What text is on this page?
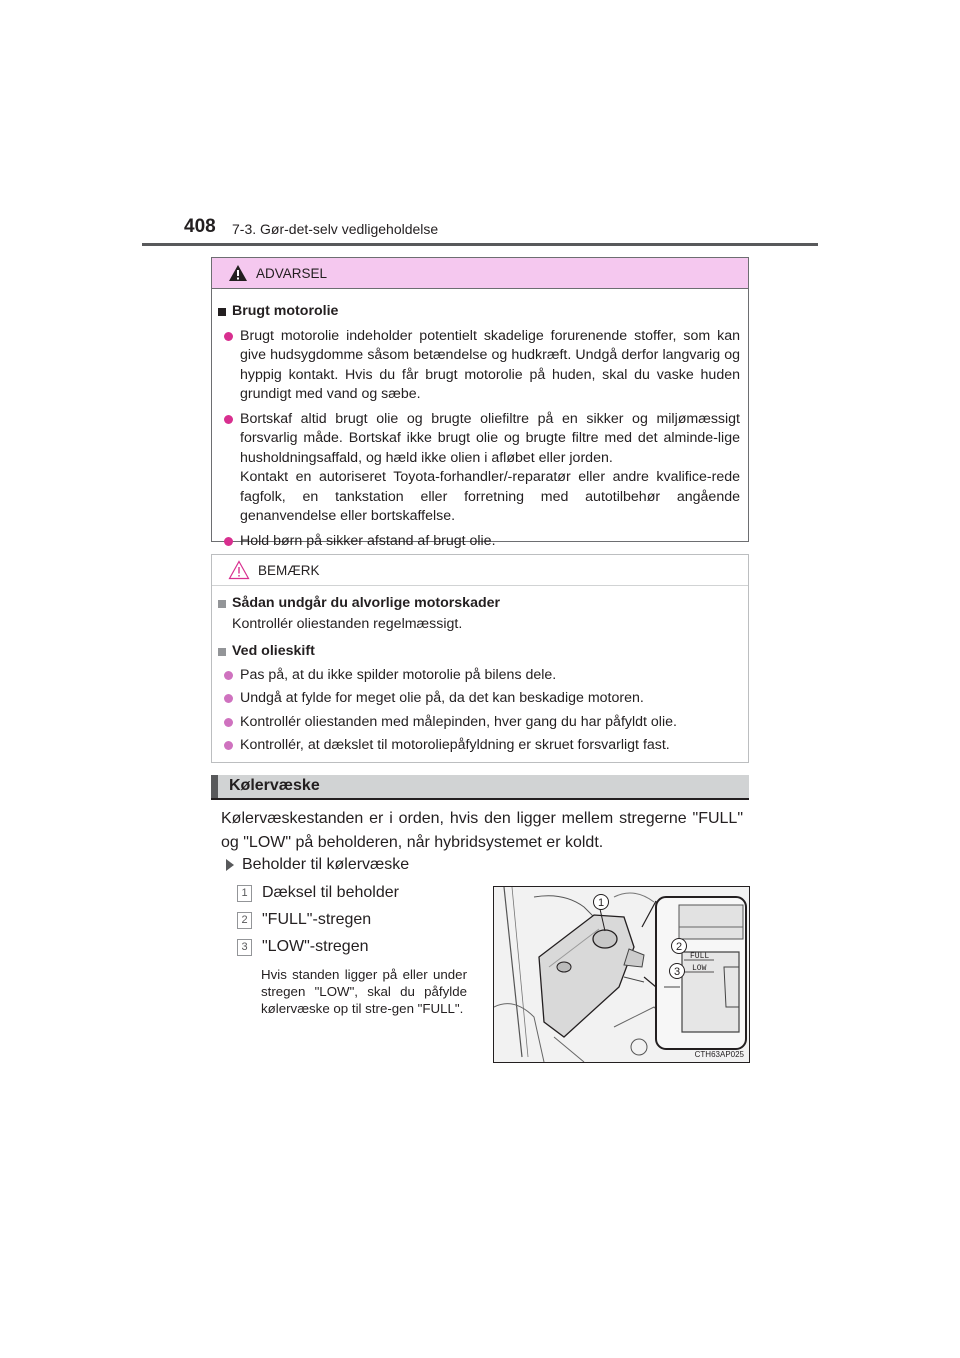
408 7-3. Gør-det-selv vedligeholdelse
ADVARSEL
Brugt motorolie
Brugt motorolie indeholder potentielt skadelige forurenende stoffer, som kan give hudsygdomme såsom betændelse og hudkræft. Undgå derfor langvarig og hyppig kontakt. Hvis du får brugt motorolie på huden, skal du vaske huden grundigt med vand og sæbe.
Bortskaf altid brugt olie og brugte oliefiltre på en sikker og miljømæssigt forsvarlig måde. Bortskaf ikke brugt olie og brugte filtre med det alminde-lige husholdningsaffald, og hæld ikke olien i afløbet eller jorden.
Kontakt en autoriseret Toyota-forhandler/-reparatør eller andre kvalifice-rede fagfolk, en tankstation eller forretning med autotilbehør angående genanvendelse eller bortskaffelse.
Hold børn på sikker afstand af brugt olie.
BEMÆRK
Sådan undgår du alvorlige motorskader
Kontrollér oliestanden regelmæssigt.
Ved olieskift
Pas på, at du ikke spilder motorolie på bilens dele.
Undgå at fylde for meget olie på, da det kan beskadige motoren.
Kontrollér oliestanden med målepinden, hver gang du har påfyldt olie.
Kontrollér, at dækslet til motoroliepåfyldning er skruet forsvarligt fast.
Kølervæske
Kølervæskestanden er i orden, hvis den ligger mellem stregerne "FULL" og "LOW" på beholderen, når hybridsystemet er koldt.
Beholder til kølervæske
1 Dæksel til beholder
2 "FULL"-stregen
3 "LOW"-stregen
Hvis standen ligger på eller under stregen "LOW", skal du påfylde kølervæske op til stre-gen "FULL".
1
FULL
LOW
2
3
CTH63AP025
